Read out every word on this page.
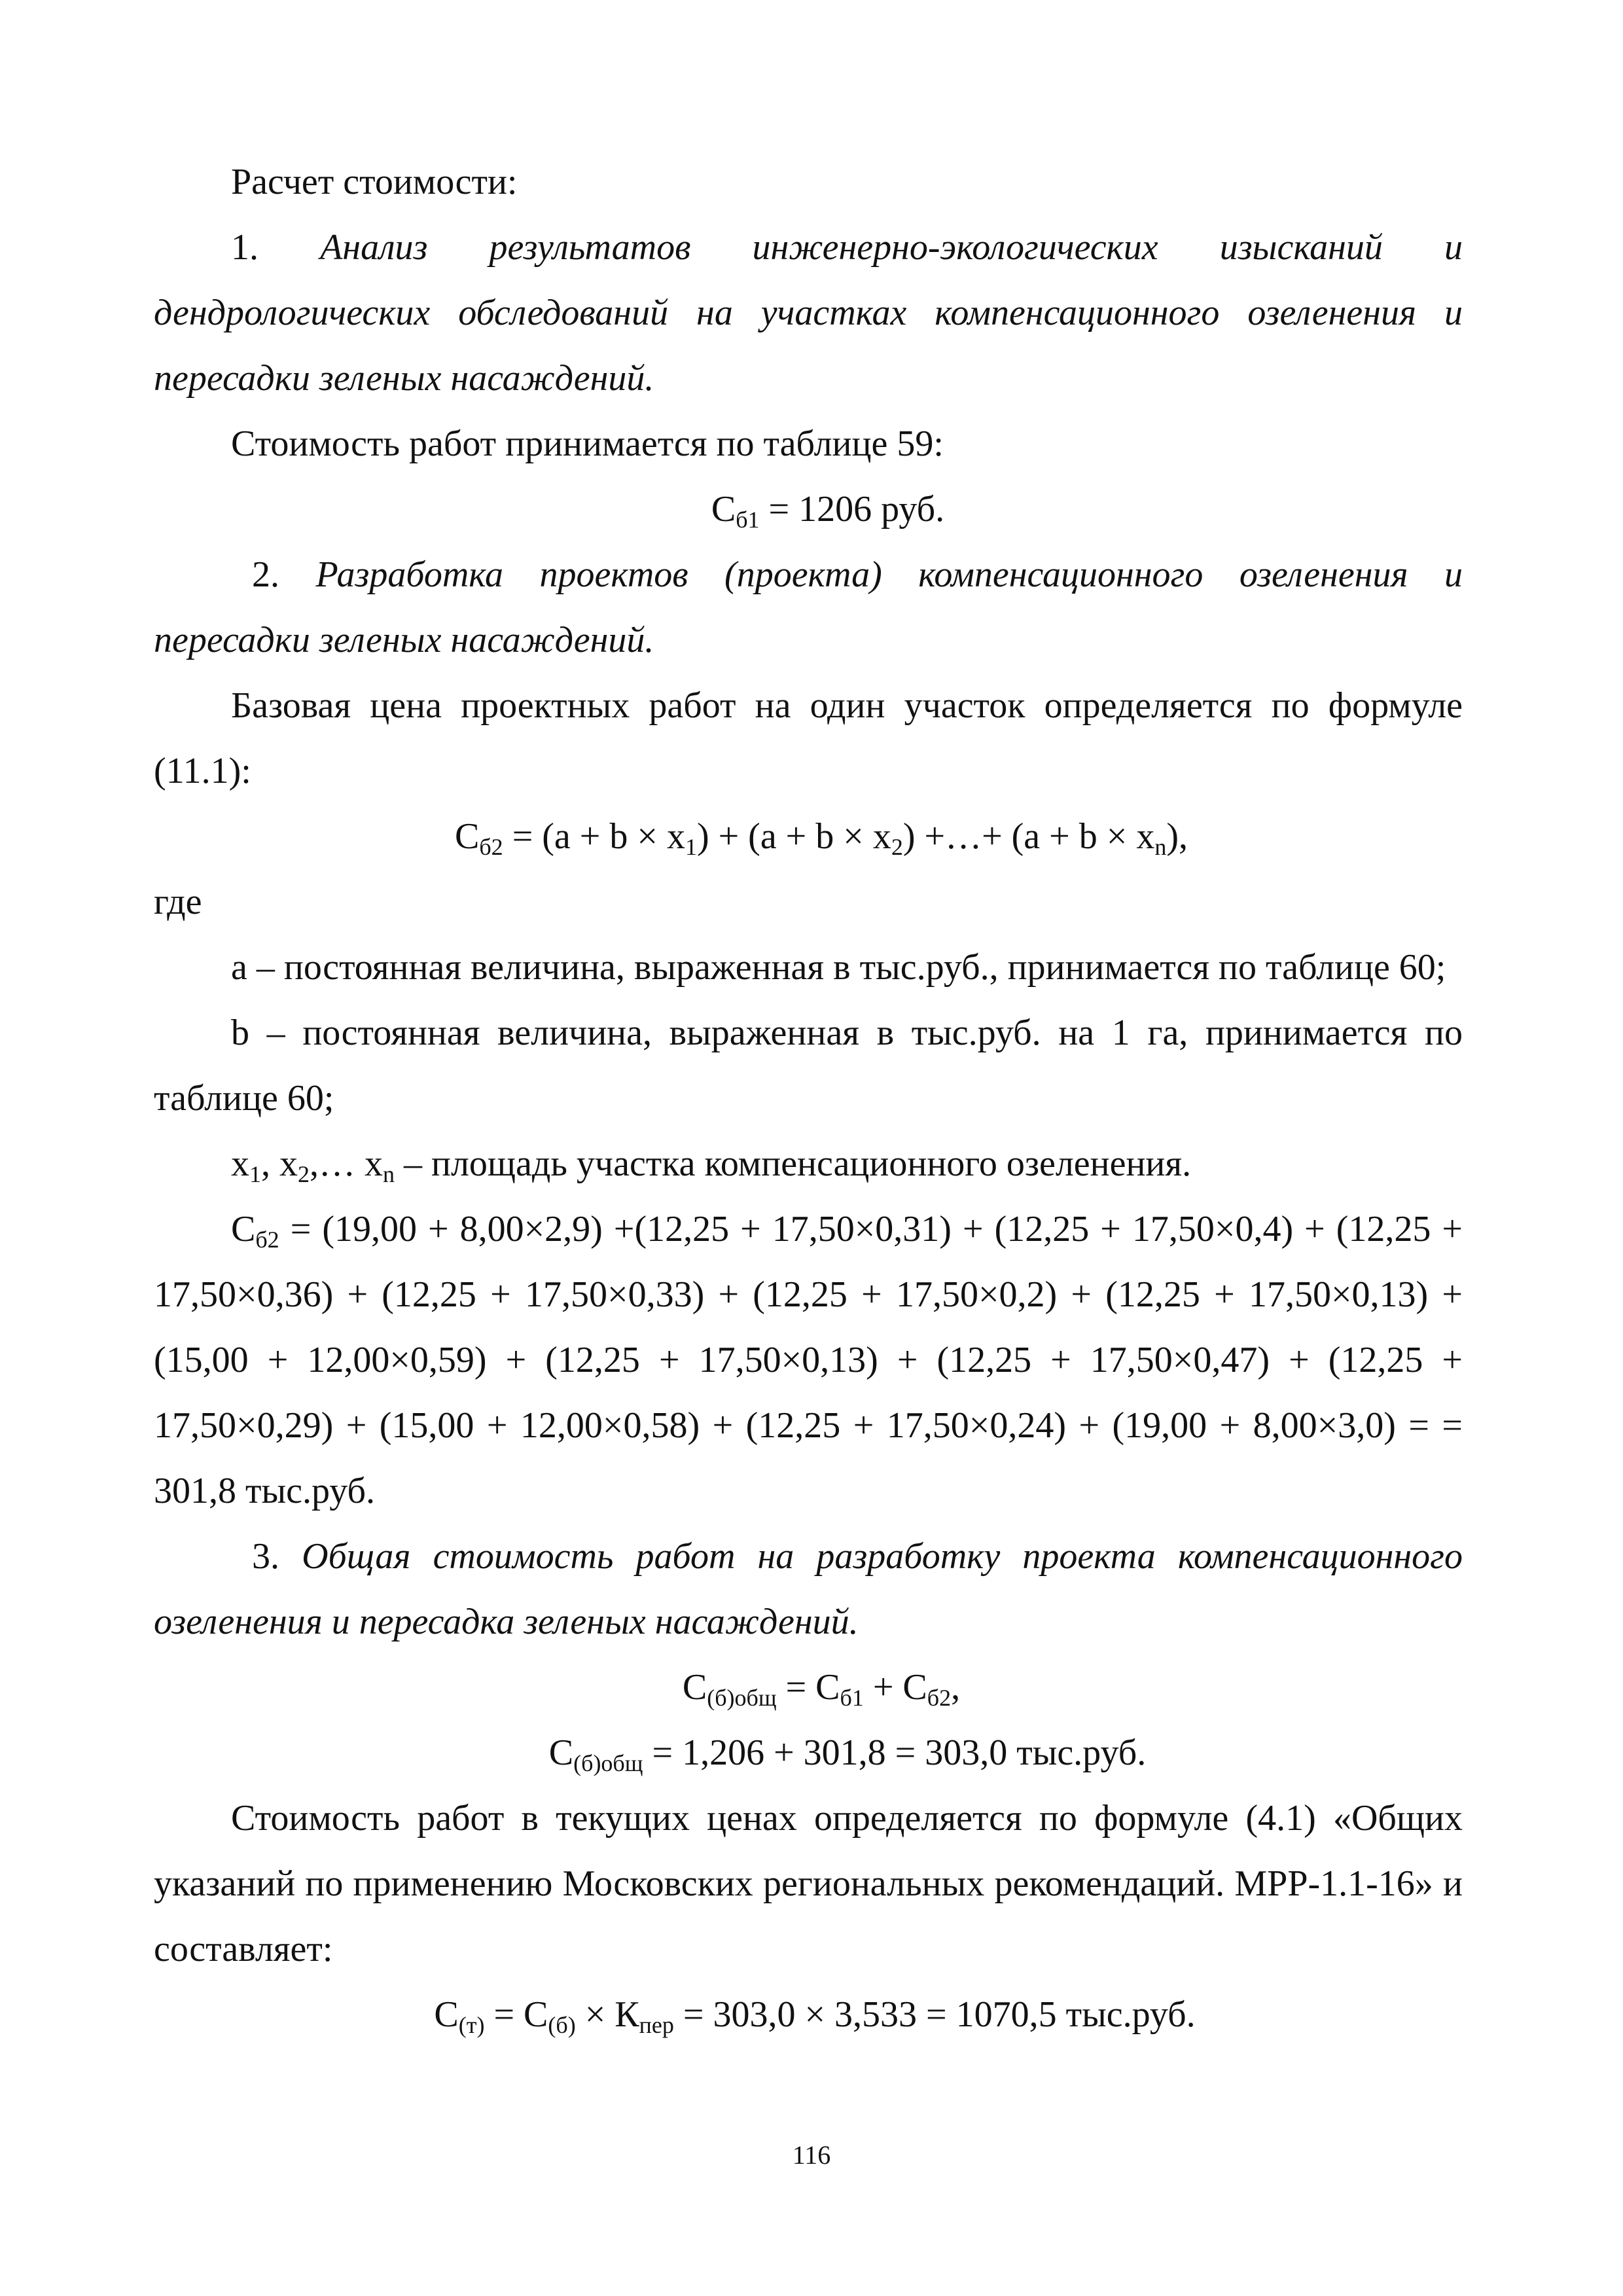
Расчет стоимости:

1. Анализ результатов инженерно-экологических изысканий и дендрологических обследований на участках компенсационного озеленения и пересадки зеленых насаждений.

Стоимость работ принимается по таблице 59:

$С_{б1} = 1206$ руб.

2. Разработка проектов (проекта) компенсационного озеленения и пересадки зеленых насаждений.

Базовая цена проектных работ на один участок определяется по формуле (11.1):

$С_{б2} = (a + b \times x_1) + (a + b \times x_2)$ +…+ $(a + b \times x_n)$,

где

a – постоянная величина, выраженная в тыс.руб., принимается по таблице 60;

b – постоянная величина, выраженная в тыс.руб. на 1 га, принимается по таблице 60;

$x_1$, $x_2,\dots$ $x_n$ – площадь участка компенсационного озеленения.

$С_{б2} = (19,00 + 8,00\times 2,9) +(12,25 + 17,50\times 0,31) + (12,25 + 17,50\times 0,4) + (12,25 + 17,50\times 0,36) + (12,25 + 17,50\times 0,33) + (12,25 + 17,50\times 0,2) + (12,25 + 17,50\times 0,13) + (15,00 + 12,00\times 0,59) + (12,25 + 17,50\times 0,13) + (12,25 + 17,50\times 0,47) + (12,25 + 17,50\times 0,29) + (15,00 + 12,00\times 0,58) + (12,25 + 17,50\times 0,24) + (19,00 + 8,00\times 3,0)$ = = 301,8 тыс.руб.

3. Общая стоимость работ на разработку проекта компенсационного озеленения и пересадка зеленых насаждений.

$С_{(б)общ} = С_{б1} + С_{б2}$,

$С_{(б)общ} = 1,206 + 301,8 = 303,0$ тыс.руб.

Стоимость работ в текущих ценах определяется по формуле (4.1) «Общих указаний по применению Московских региональных рекомендаций. МРР-1.1-16» и составляет:

$С_{(т)} = С_{(б)} \times К_{пер} = 303,0 \times 3,533 = 1070,5$ тыс.руб.

116
